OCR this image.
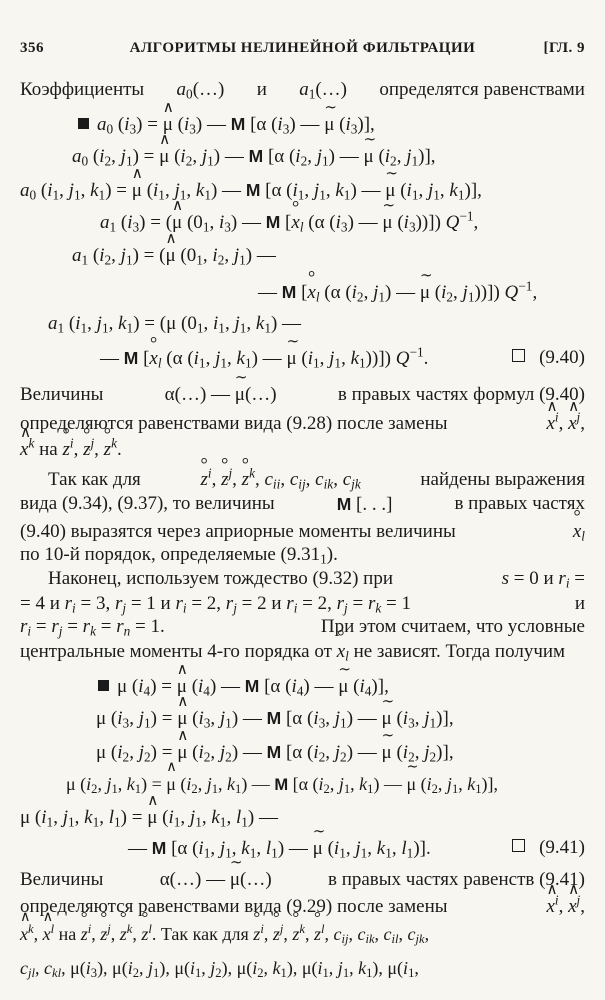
356	АЛГОРИТМЫ НЕЛИНЕЙНОЙ ФИЛЬТРАЦИИ	[ГЛ. 9
Коэффициенты $a_0(\dots)$ и $a_1(\dots)$ определятся равенствами
$a_0$ $(i_3)$ = ∧ μ $(i_3)$ — M [α $(i_3)$ — ∼ μ $(i_3)$],
$a_0$ ($i_2$, $j_1$) = ∧ μ ($i_2$, $j_1$) — M [α ($i_2$, $j_1$) — ∼ μ ($i_2$, $j_1$)],
$a_0$ ($i_1$, $j_1$, $k_1$) = ∧ μ ($i_1$, $j_1$, $k_1$) — M [α ($i_1$, $j_1$, $k_1$) — ∼ μ ($i_1$, $j_1$, $k_1$)],
$a_1$ $(i_3)$ = (∧ μ ($0_1$, $i_3$) — M [° $x_l$ (α $(i_3)$ — ∼ μ $(i_3)$)]) $Q^{-1}$,
$a_1$ ($i_2$, $j_1$) = (∧ μ ($0_1$, $i_2$, $j_1$) —
— M [° $x_l$ (α ($i_2$, $j_1$) — ∼ μ ($i_2$, $j_1$))]) $Q^{-1}$,
$a_1$ ($i_1$, $j_1$, $k_1) = (\mu$ ($0_1$, $i_1$, $j_1$, $k_1$) —
— M [° $x_l$ (α ($i_1$, $j_1$, $k_1$) — ∼ μ ($i_1$, $j_1$, $k_1$))]) $Q^{-1}$.	(9.40)
Величины	α(…) — ∼ μ(…)	в правых частях формул (9.40)
определяются равенствами вида (9.28) после замены	∧ $x^i$, ∧ $x^j$,
∧ $x^k$ на ° $z^i$, ° $z^j$, ° $z^k$.
Так как для	° $z^i$, ° $z^j$, ° $z^k$, $c_{ii}$, $c_{ij}$, $c_{ik}$, $c_{jk}$	найдены выражения
вида (9.34), (9.37), то величины	M [. . .]	в правых частях
(9.40) выразятся через априорные моменты величины	° $x_l$
по 10-й порядок, определяемые $(9.31_1)$.
Наконец, используем тождество (9.32) при	s = 0 и $r_i$ =
= 4 и $r_i = 3$, $r_j = 1$ и $r_i = 2$, $r_j = 2$ и $r_i = 2$, $r_j = r_k = 1$	и
$r_i = r_j = r_k = r_n = 1$.	При этом считаем, что условные
центральные моменты 4-го порядка от ° $x_l$ не зависят. Тогда получим
μ $(i_4)$ = ∧ μ $(i_4)$ — M [α $(i_4)$ — ∼ μ $(i_4)$],
μ ($i_3$, $j_1$) = ∧ μ ($i_3$, $j_1$) — M [α ($i_3$, $j_1$) — ∼ μ ($i_3$, $j_1$)],
μ ($i_2$, $j_2$) = ∧ μ ($i_2$, $j_2$) — M [α ($i_2$, $j_2$) — ∼ μ ($i_2$, $j_2$)],
μ ($i_2$, $j_1$, $k_1$) = ∧ μ ($i_2$, $j_1$, $k_1$) — M [α ($i_2$, $j_1$, $k_1$) — ∼ μ ($i_2$, $j_1$, $k_1$)],
μ ($i_1$, $j_1$, $k_1$, $l_1$) = ∧ μ ($i_1$, $j_1$, $k_1$, $l_1$) —
— M [α ($i_1$, $j_1$, $k_1$, $l_1$) — ∼ μ ($i_1$, $j_1$, $k_1$, $l_1$)].	(9.41)
Величины	α(…) — ∼ μ(…)	в правых частях равенств (9.41)
определяются равенствами вида (9.29) после замены	∧ $x^i$, ∧ $x^j$,
∧ $x^k$, ∧ $x^l$ на ° $z^i$, ° $z^j$, ° $z^k$, ° $z^l$. Так как для ° $z^i$, ° $z^j$, ° $z^k$, ° $z^l$, $c_{ij}$, $c_{ik}$, $c_{il}$, $c_{jk}$,
$c_{jl}$, $c_{kl}$, $\mu(i_3)$, $\mu(i_2$, $j_1$), $\mu(i_1$, $j_2$), $\mu(i_2$, $k_1$), $\mu(i_1$, $j_1$, $k_1$), $\mu(i_1$,
